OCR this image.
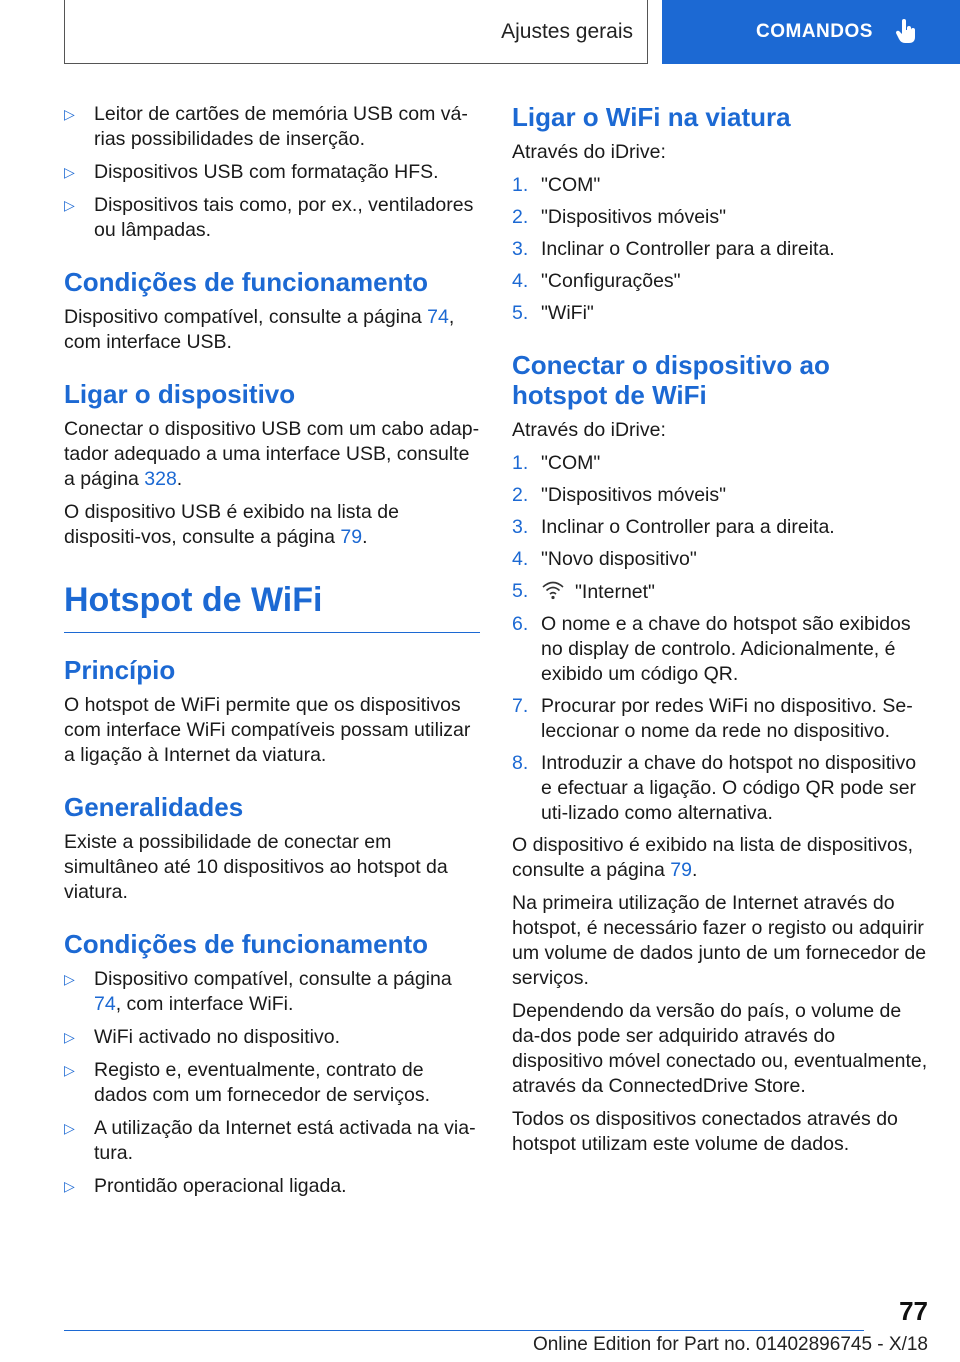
Ajustes gerais	COMANDOS
▷ Leitor de cartões de memória USB com vá-rias possibilidades de inserção.
▷ Dispositivos USB com formatação HFS.
▷ Dispositivos tais como, por ex., ventiladores ou lâmpadas.
Condições de funcionamento

Dispositivo compatível, consulte a página 74, com interface USB.

Ligar o dispositivo

Conectar o dispositivo USB com um cabo adap-tador adequado a uma interface USB, consulte a página 328.

O dispositivo USB é exibido na lista de dispositi-vos, consulte a página 79.

Hotspot de WiFi
Princípio

O hotspot de WiFi permite que os dispositivos com interface WiFi compatíveis possam utilizar a ligação à Internet da viatura.

Generalidades

Existe a possibilidade de conectar em simultâneo até 10 dispositivos ao hotspot da viatura.

Condições de funcionamento
▷ Dispositivo compatível, consulte a página 74, com interface WiFi.
▷ WiFi activado no dispositivo.
▷ Registo e, eventualmente, contrato de dados com um fornecedor de serviços.
▷ A utilização da Internet está activada na via-tura.
▷ Prontidão operacional ligada.
Ligar o WiFi na viatura

Através do iDrive:

1. "COM"
2. "Dispositivos móveis"
3. Inclinar o Controller para a direita.
4. "Configurações"
5. "WiFi"
Conectar o dispositivo ao hotspot de WiFi

Através do iDrive:

1. "COM"
2. "Dispositivos móveis"
3. Inclinar o Controller para a direita.
4. "Novo dispositivo"
5.	"Internet"
6. O nome e a chave do hotspot são exibidos no display de controlo. Adicionalmente, é exibido um código QR.
7. Procurar por redes WiFi no dispositivo. Se-leccionar o nome da rede no dispositivo.
8. Introduzir a chave do hotspot no dispositivo e efectuar a ligação. O código QR pode ser uti-lizado como alternativa.

O dispositivo é exibido na lista de dispositivos, consulte a página 79.

Na primeira utilização de Internet através do hotspot, é necessário fazer o registo ou adquirir um volume de dados junto de um fornecedor de serviços.

Dependendo da versão do país, o volume de da-dos pode ser adquirido através do dispositivo móvel conectado ou, eventualmente, através da ConnectedDrive Store.

Todos os dispositivos conectados através do hotspot utilizam este volume de dados.

77
Online Edition for Part no. 01402896745 - X/18
